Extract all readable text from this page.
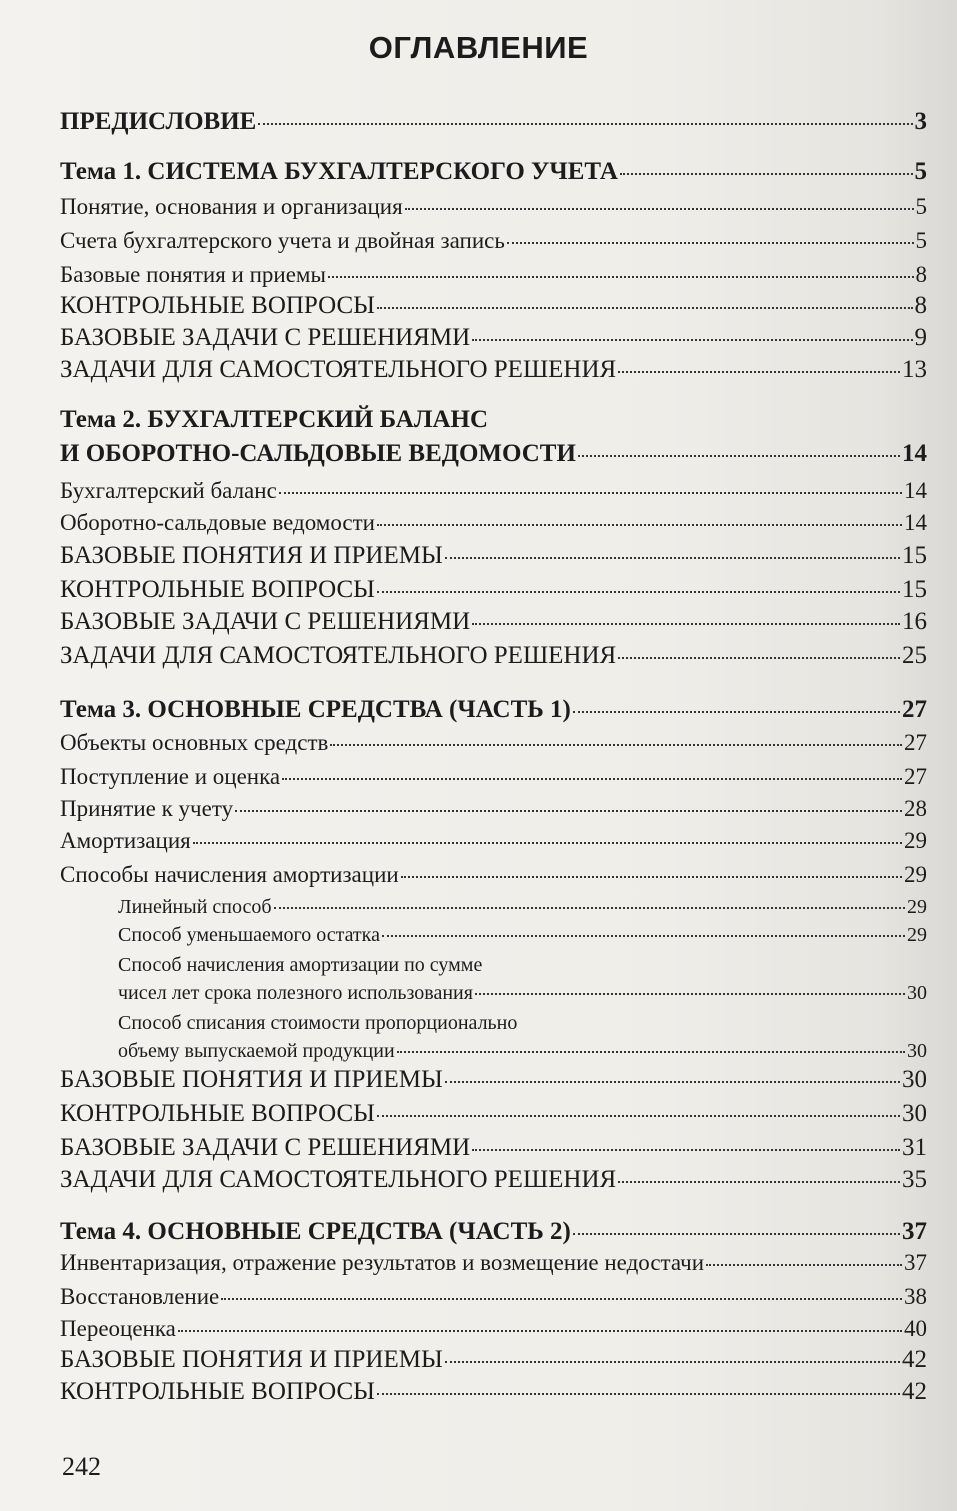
ОГЛАВЛЕНИЕ
ПРЕДИСЛОВИЕ	3
Тема 1. СИСТЕМА БУХГАЛТЕРСКОГО УЧЕТА	5
Понятие, основания и организация	5
Счета бухгалтерского учета и двойная запись	5
Базовые понятия и приемы	8
КОНТРОЛЬНЫЕ ВОПРОСЫ	8
БАЗОВЫЕ ЗАДАЧИ С РЕШЕНИЯМИ	9
ЗАДАЧИ ДЛЯ САМОСТОЯТЕЛЬНОГО РЕШЕНИЯ	13
Тема 2. БУХГАЛТЕРСКИЙ БАЛАНС
И ОБОРОТНО-САЛЬДОВЫЕ ВЕДОМОСТИ	14
Бухгалтерский баланс	14
Оборотно-сальдовые ведомости	14
БАЗОВЫЕ ПОНЯТИЯ И ПРИЕМЫ	15
КОНТРОЛЬНЫЕ ВОПРОСЫ	15
БАЗОВЫЕ ЗАДАЧИ С РЕШЕНИЯМИ	16
ЗАДАЧИ ДЛЯ САМОСТОЯТЕЛЬНОГО РЕШЕНИЯ	25
Тема 3. ОСНОВНЫЕ СРЕДСТВА (ЧАСТЬ 1)	27
Объекты основных средств	27
Поступление и оценка	27
Принятие к учету	28
Амортизация	29
Способы начисления амортизации	29
Линейный способ	29
Способ уменьшаемого остатка	29
Способ начисления амортизации по сумме
чисел лет срока полезного использования	30
Способ списания стоимости пропорционально
объему выпускаемой продукции	30
БАЗОВЫЕ ПОНЯТИЯ И ПРИЕМЫ	30
КОНТРОЛЬНЫЕ ВОПРОСЫ	30
БАЗОВЫЕ ЗАДАЧИ С РЕШЕНИЯМИ	31
ЗАДАЧИ ДЛЯ САМОСТОЯТЕЛЬНОГО РЕШЕНИЯ	35
Тема 4. ОСНОВНЫЕ СРЕДСТВА (ЧАСТЬ 2)	37
Инвентаризация, отражение результатов и возмещение недостачи	37
Восстановление	38
Переоценка	40
БАЗОВЫЕ ПОНЯТИЯ И ПРИЕМЫ	42
КОНТРОЛЬНЫЕ ВОПРОСЫ	42
242
